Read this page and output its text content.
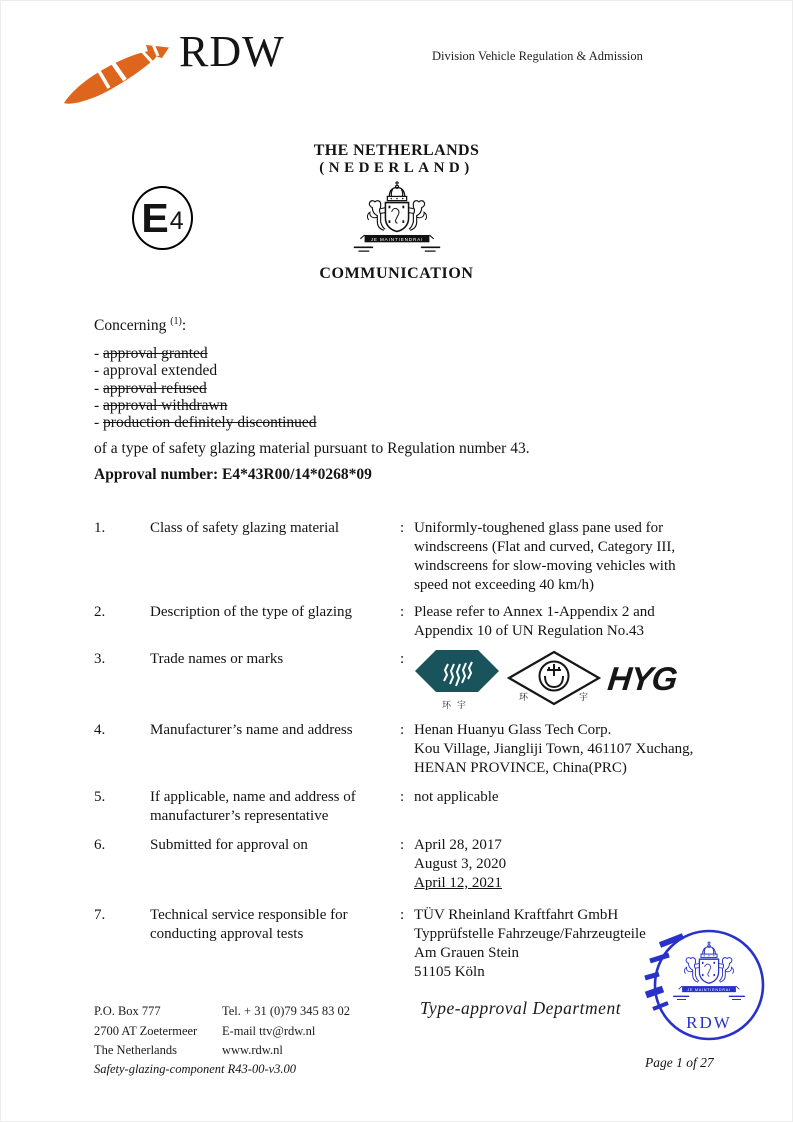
RDW	Division Vehicle Regulation & Admission
THE NETHERLANDS
(NEDERLAND)
E 4
COMMUNICATION
Concerning $^{(1)}$:
- approval granted
- approval extended
- approval refused
- approval withdrawn
- production definitely discontinued
of a type of safety glazing material pursuant to Regulation number 43.
Approval number: E4*43R00/14*0268*09
1.	Class of safety glazing material	: Uniformly-toughened glass pane used for
windscreens (Flat and curved, Category III,
windscreens for slow-moving vehicles with
speed not exceeding 40 km/h)
2.	Description of the type of glazing	: Please refer to Annex 1-Appendix 2 and
Appendix 10 of UN Regulation No.43
3.	Trade names or marks	:
环宇
环	宇 HYG
4.	Manufacturer’s name and address	: Henan Huanyu Glass Tech Corp.
Kou Village, Jiangliji Town, 461107 Xuchang,
HENAN PROVINCE, China(PRC)
5.	If applicable, name and address of
manufacturer’s representative
: not applicable
6.	Submitted for approval on	: April 28, 2017
August 3, 2020
April 12, 2021
7.	Technical service responsible for
conducting approval tests
: TÜV Rheinland Kraftfahrt GmbH
Typprüfstelle Fahrzeuge/Fahrzeugteile
Am Grauen Stein
51105 Köln
RDW
P.O. Box 777
2700 AT Zoetermeer
The Netherlands
Tel. + 31 (0)79 345 83 02
E-mail ttv@rdw.nl
www.rdw.nl
Type-approval Department
Safety-glazing-component R43-00-v3.00	Page 1 of 27
